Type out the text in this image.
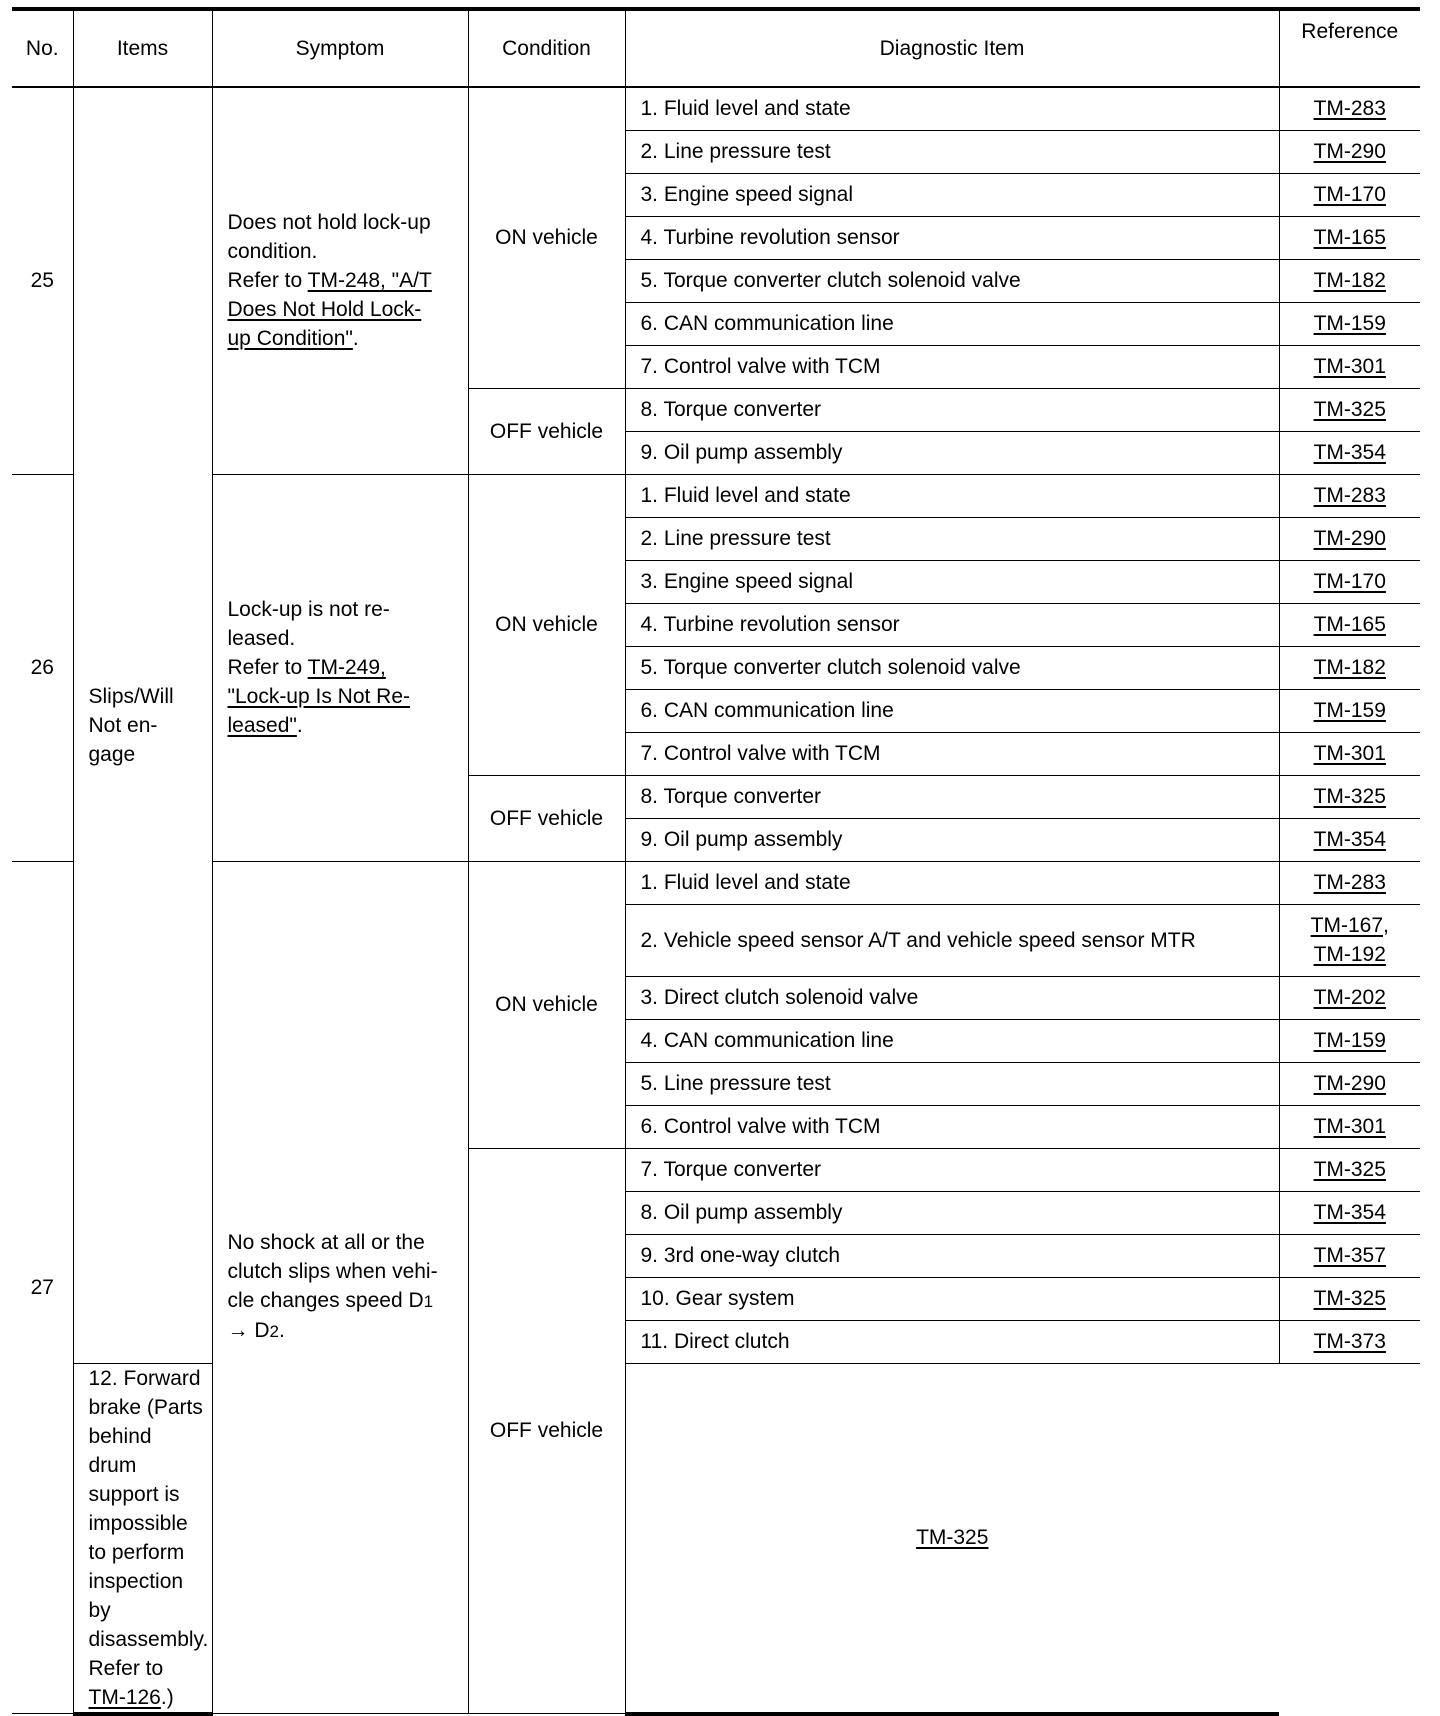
No.	Items	Symptom	Condition	Diagnostic Item	Reference
25	Slips/Will
Not en-
gage	Does not hold lock-up
condition.
Refer to TM-248, "A/T
Does Not Hold Lock-
up Condition".	ON vehicle	1. Fluid level and state	TM-283
				2. Line pressure test	TM-290
				3. Engine speed signal	TM-170
				4. Turbine revolution sensor	TM-165
				5. Torque converter clutch solenoid valve	TM-182
				6. CAN communication line	TM-159
				7. Control valve with TCM	TM-301
			OFF vehicle	8. Torque converter	TM-325
				9. Oil pump assembly	TM-354
26		Lock-up is not re-
leased.
Refer to TM-249,
"Lock-up Is Not Re-
leased".	ON vehicle	1. Fluid level and state	TM-283
				2. Line pressure test	TM-290
				3. Engine speed signal	TM-170
				4. Turbine revolution sensor	TM-165
				5. Torque converter clutch solenoid valve	TM-182
				6. CAN communication line	TM-159
				7. Control valve with TCM	TM-301
			OFF vehicle	8. Torque converter	TM-325
				9. Oil pump assembly	TM-354
27		No shock at all or the
clutch slips when vehi-
cle changes speed D1
→ D2.	ON vehicle	1. Fluid level and state	TM-283
				2. Vehicle speed sensor A/T and vehicle speed sensor MTR	TM-167,
TM-192
				3. Direct clutch solenoid valve	TM-202
				4. CAN communication line	TM-159
				5. Line pressure test	TM-290
				6. Control valve with TCM	TM-301
			OFF vehicle	7. Torque converter	TM-325
				8. Oil pump assembly	TM-354
				9. 3rd one-way clutch	TM-357
				10. Gear system	TM-325
				11. Direct clutch	TM-373
	12. Forward brake (Parts behind drum support is impossible
to perform inspection by disassembly. Refer to TM-126.)			TM-325	
